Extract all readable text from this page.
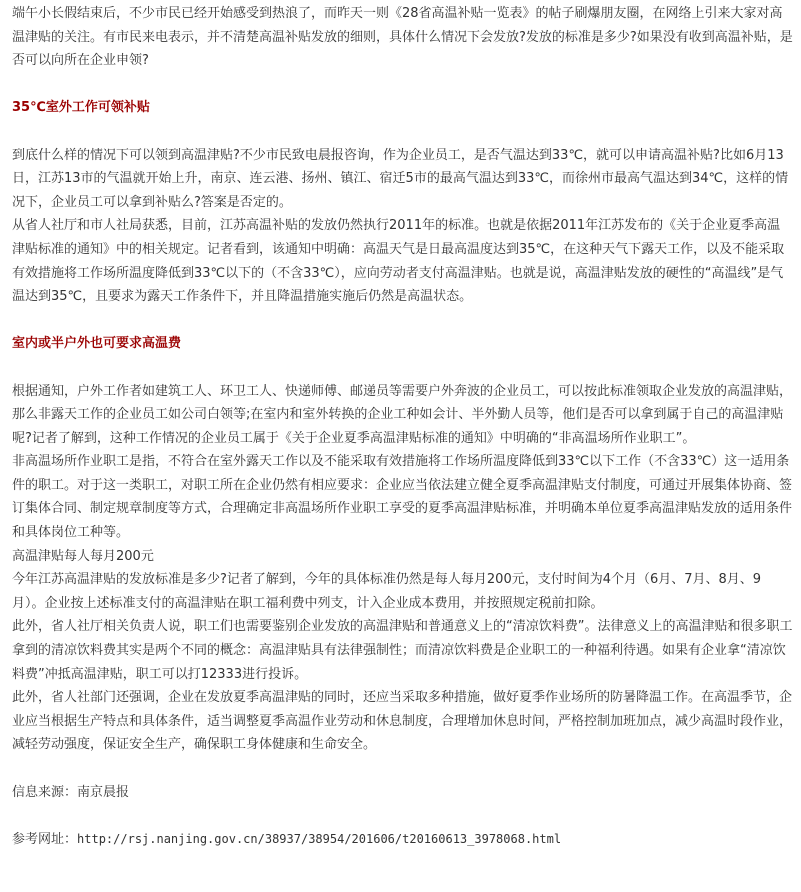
端午小长假结束后，不少市民已经开始感受到热浪了，而昨天一则《28省高温补贴一览表》的帖子刷爆朋友圈，在网络上引来大家对高温津贴的关注。有市民来电表示，并不清楚高温补贴发放的细则，具体什么情况下会发放?发放的标准是多少?如果没有收到高温补贴，是否可以向所在企业申领?

35℃室外工作可领补贴

到底什么样的情况下可以领到高温津贴?不少市民致电晨报咨询，作为企业员工，是否气温达到33℃，就可以申请高温补贴?比如6月13日，江苏13市的气温就开始上升，南京、连云港、扬州、镇江、宿迁5市的最高气温达到33℃，而徐州市最高气温达到34℃，这样的情况下，企业员工可以拿到补贴么?答案是否定的。

从省人社厅和市人社局获悉，目前，江苏高温补贴的发放仍然执行2011年的标准。也就是依据2011年江苏发布的《关于企业夏季高温津贴标准的通知》中的相关规定。记者看到，该通知中明确：高温天气是日最高温度达到35℃，在这种天气下露天工作，以及不能采取有效措施将工作场所温度降低到33℃以下的（不含33℃），应向劳动者支付高温津贴。也就是说，高温津贴发放的硬性的“高温线”是气温达到35℃，且要求为露天工作条件下，并且降温措施实施后仍然是高温状态。

室内或半户外也可要求高温费

根据通知，户外工作者如建筑工人、环卫工人、快递师傅、邮递员等需要户外奔波的企业员工，可以按此标准领取企业发放的高温津贴，那么非露天工作的企业员工如公司白领等;在室内和室外转换的企业工种如会计、半外勤人员等，他们是否可以拿到属于自己的高温津贴呢?记者了解到，这种工作情况的企业员工属于《关于企业夏季高温津贴标准的通知》中明确的“非高温场所作业职工”。

非高温场所作业职工是指，不符合在室外露天工作以及不能采取有效措施将工作场所温度降低到33℃以下工作（不含33℃）这一适用条件的职工。对于这一类职工，对职工所在企业仍然有相应要求：企业应当依法建立健全夏季高温津贴支付制度，可通过开展集体协商、签订集体合同、制定规章制度等方式，合理确定非高温场所作业职工享受的夏季高温津贴标准，并明确本单位夏季高温津贴发放的适用条件和具体岗位工种等。

高温津贴每人每月200元

今年江苏高温津贴的发放标准是多少?记者了解到，今年的具体标准仍然是每人每月200元，支付时间为4个月（6月、7月、8月、9月）。企业按上述标准支付的高温津贴在职工福利费中列支，计入企业成本费用，并按照规定税前扣除。

此外，省人社厅相关负责人说，职工们也需要鉴别企业发放的高温津贴和普通意义上的“清凉饮料费”。法律意义上的高温津贴和很多职工拿到的清凉饮料费其实是两个不同的概念：高温津贴具有法律强制性；而清凉饮料费是企业职工的一种福利待遇。如果有企业拿“清凉饮料费”冲抵高温津贴，职工可以打12333进行投诉。

此外，省人社部门还强调，企业在发放夏季高温津贴的同时，还应当采取多种措施，做好夏季作业场所的防暑降温工作。在高温季节，企业应当根据生产特点和具体条件，适当调整夏季高温作业劳动和休息制度，合理增加休息时间，严格控制加班加点，减少高温时段作业，减轻劳动强度，保证安全生产，确保职工身体健康和生命安全。

信息来源：南京晨报

参考网址：http://rsj.nanjing.gov.cn/38937/38954/201606/t20160613_3978068.html
